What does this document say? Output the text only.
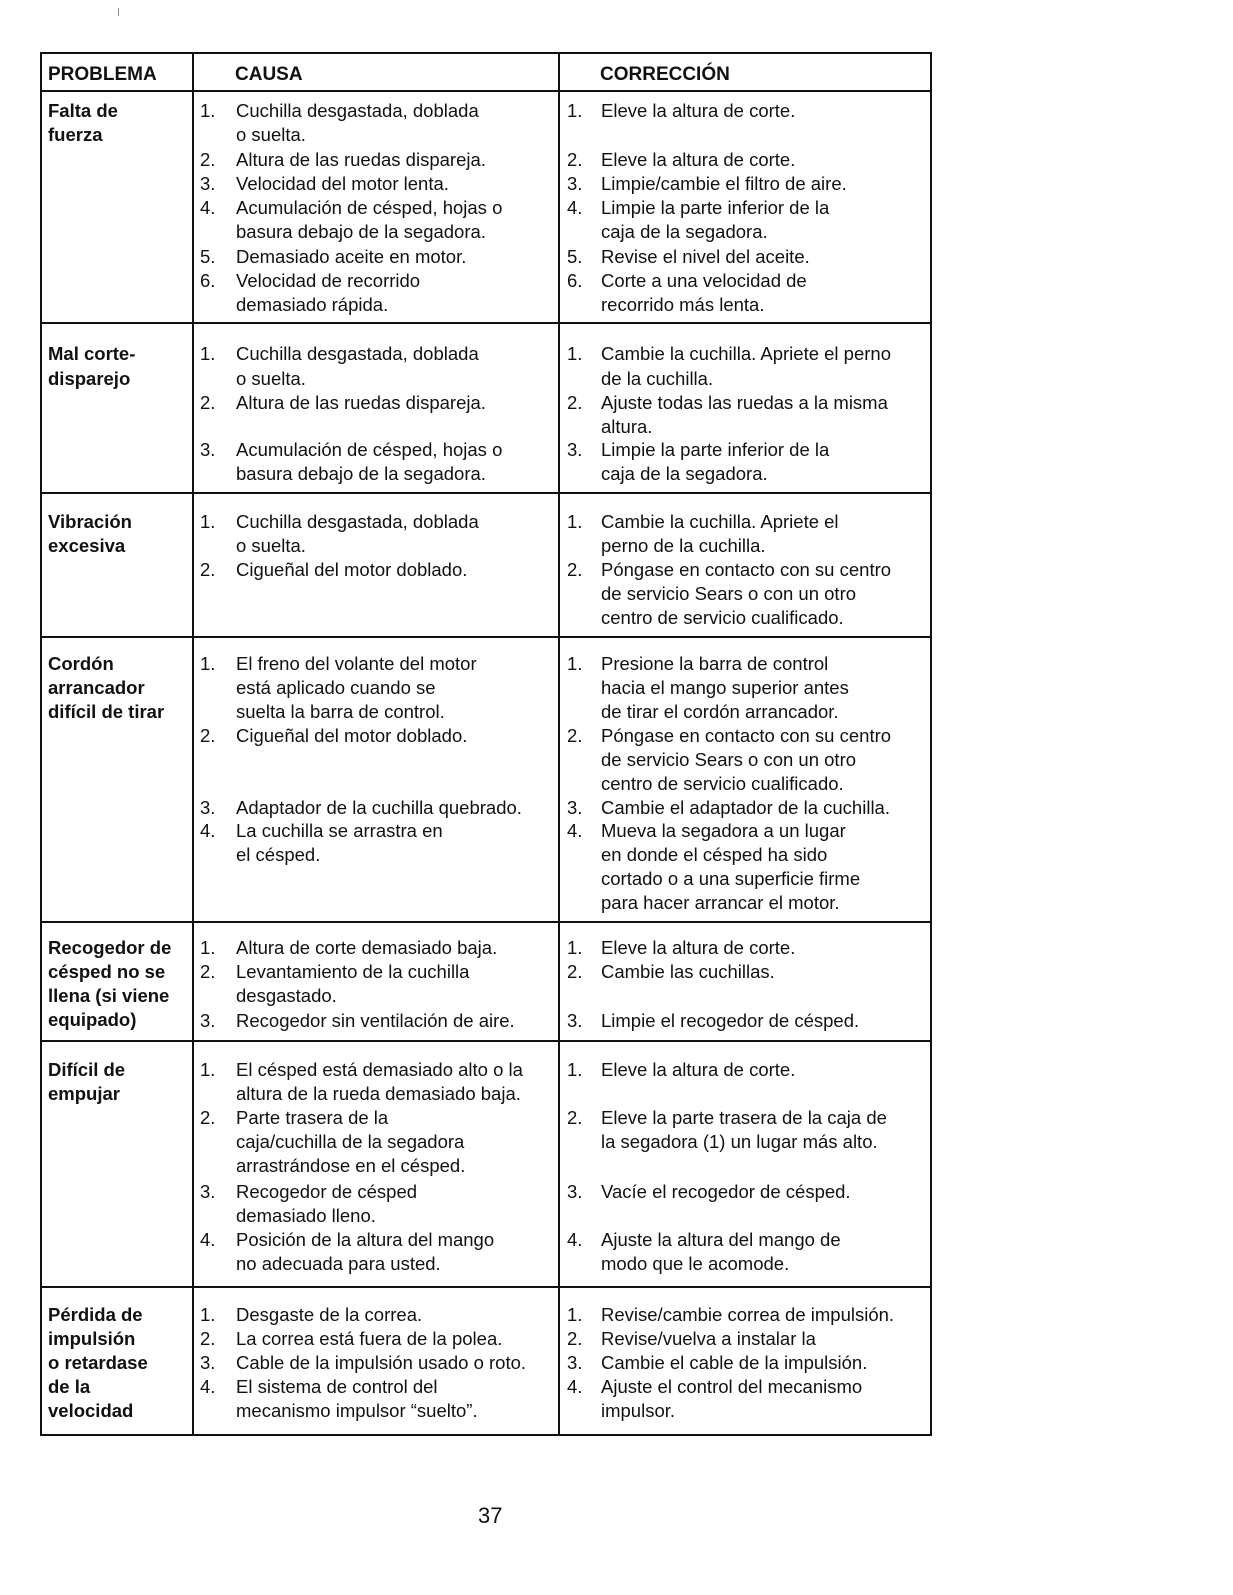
PROBLEMA	CAUSA	CORRECCIÓN
Falta de
fuerza
1. Cuchilla desgastada, doblada
o suelta.
2. Altura de las ruedas dispareja.
3. Velocidad del motor lenta.
4. Acumulación de césped, hojas o
basura debajo de la segadora.
5. Demasiado aceite en motor.
6. Velocidad de recorrido
demasiado rápida.
1. Eleve la altura de corte.
2. Eleve la altura de corte.
3. Limpie/cambie el filtro de aire.
4. Limpie la parte inferior de la
caja de la segadora.
5. Revise el nivel del aceite.
6. Corte a una velocidad de
recorrido más lenta.
Mal corte-
disparejo
1. Cuchilla desgastada, doblada
o suelta.
2. Altura de las ruedas dispareja.
3. Acumulación de césped, hojas o
basura debajo de la segadora.
1. Cambie la cuchilla. Apriete el perno
de la cuchilla.
2. Ajuste todas las ruedas a la misma
altura.
3. Limpie la parte inferior de la
caja de la segadora.
Vibración
excesiva
1. Cuchilla desgastada, doblada
o suelta.
2. Cigueñal del motor doblado.
1. Cambie la cuchilla. Apriete el
perno de la cuchilla.
2. Póngase en contacto con su centro
de servicio Sears o con un otro
centro de servicio cualificado.
Cordón
arrancador
difícil de tirar
1. El freno del volante del motor
está aplicado cuando se
suelta la barra de control.
2. Cigueñal del motor doblado.
3. Adaptador de la cuchilla quebrado.
4. La cuchilla se arrastra en
el césped.
1. Presione la barra de control
hacia el mango superior antes
de tirar el cordón arrancador.
2. Póngase en contacto con su centro
de servicio Sears o con un otro
centro de servicio cualificado.
3. Cambie el adaptador de la cuchilla.
4. Mueva la segadora a un lugar
en donde el césped ha sido
cortado o a una superficie firme
para hacer arrancar el motor.
Recogedor de
césped no se
llena (si viene
equipado)
1. Altura de corte demasiado baja.
2. Levantamiento de la cuchilla
desgastado.
3. Recogedor sin ventilación de aire.
1. Eleve la altura de corte.
2. Cambie las cuchillas.
3. Limpie el recogedor de césped.
Difícil de
empujar
1. El césped está demasiado alto o la
altura de la rueda demasiado baja.
2. Parte trasera de la
caja/cuchilla de la segadora
arrastrándose en el césped.
3. Recogedor de césped
demasiado lleno.
4. Posición de la altura del mango
no adecuada para usted.
1. Eleve la altura de corte.
2. Eleve la parte trasera de la caja de
la segadora (1) un lugar más alto.
3. Vacíe el recogedor de césped.
4. Ajuste la altura del mango de
modo que le acomode.
Pérdida de
impulsión
o retardase
de la
velocidad
1. Desgaste de la correa.
2. La correa está fuera de la polea.
3. Cable de la impulsión usado o roto.
4. El sistema de control del
mecanismo impulsor “suelto”.
1. Revise/cambie correa de impulsión.
2. Revise/vuelva a instalar la
3. Cambie el cable de la impulsión.
4. Ajuste el control del mecanismo
impulsor.
37
